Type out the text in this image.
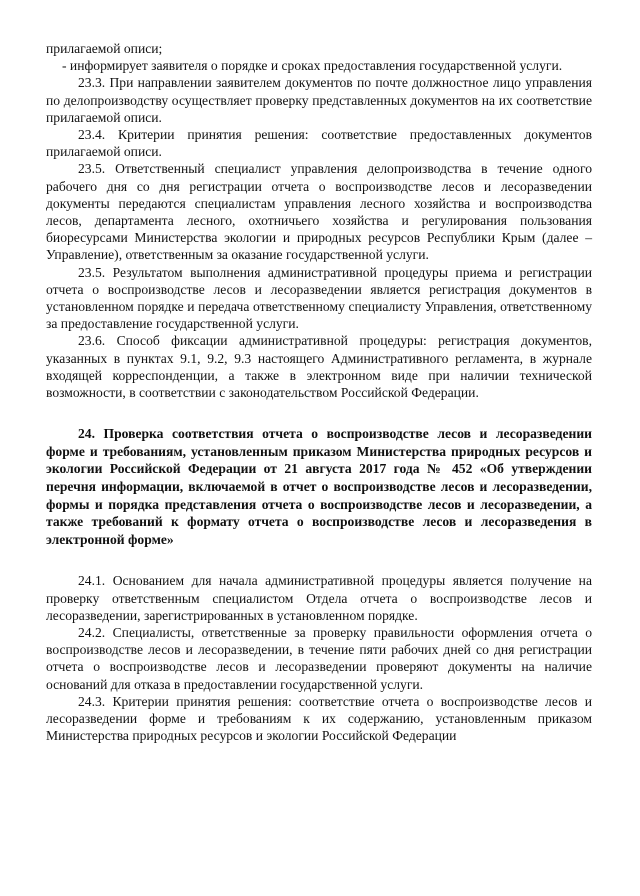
прилагаемой описи;

- информирует заявителя о порядке и сроках предоставления государственной услуги.

23.3. При направлении заявителем документов по почте должностное лицо управления по делопроизводству осуществляет проверку представленных документов на их соответствие прилагаемой описи.

23.4. Критерии принятия решения: соответствие предоставленных документов прилагаемой описи.

23.5. Ответственный специалист управления делопроизводства в течение одного рабочего дня со дня регистрации отчета о воспроизводстве лесов и лесоразведении документы передаются специалистам управления лесного хозяйства и воспроизводства лесов, департамента лесного, охотничьего хозяйства и регулирования пользования биоресурсами Министерства экологии и природных ресурсов Республики Крым (далее – Управление), ответственным за оказание государственной услуги.

23.5. Результатом выполнения административной процедуры приема и регистрации отчета о воспроизводстве лесов и лесоразведении является регистрация документов в установленном порядке и передача ответственному специалисту Управления, ответственному за предоставление государственной услуги.

23.6. Способ фиксации административной процедуры: регистрация документов, указанных в пунктах 9.1, 9.2, 9.3 настоящего Административного регламента, в журнале входящей корреспонденции, а также в электронном виде при наличии технической возможности, в соответствии с законодательством Российской Федерации.

24. Проверка соответствия отчета о воспроизводстве лесов и лесоразведении форме и требованиям, установленным приказом Министерства природных ресурсов и экологии Российской Федерации от 21 августа 2017 года № 452 «Об утверждении перечня информации, включаемой в отчет о воспроизводстве лесов и лесоразведении, формы и порядка представления отчета о воспроизводстве лесов и лесоразведении, а также требований к формату отчета о воспроизводстве лесов и лесоразведения в электронной форме»

24.1. Основанием для начала административной процедуры является получение на проверку ответственным специалистом Отдела отчета о воспроизводстве лесов и лесоразведении, зарегистрированных в установленном порядке.

24.2. Специалисты, ответственные за проверку правильности оформления отчета о воспроизводстве лесов и лесоразведении, в течение пяти рабочих дней со дня регистрации отчета о воспроизводстве лесов и лесоразведении проверяют документы на наличие оснований для отказа в предоставлении государственной услуги.

24.3. Критерии принятия решения: соответствие отчета о воспроизводстве лесов и лесоразведении форме и требованиям к их содержанию, установленным приказом Министерства природных ресурсов и экологии Российской Федерации
